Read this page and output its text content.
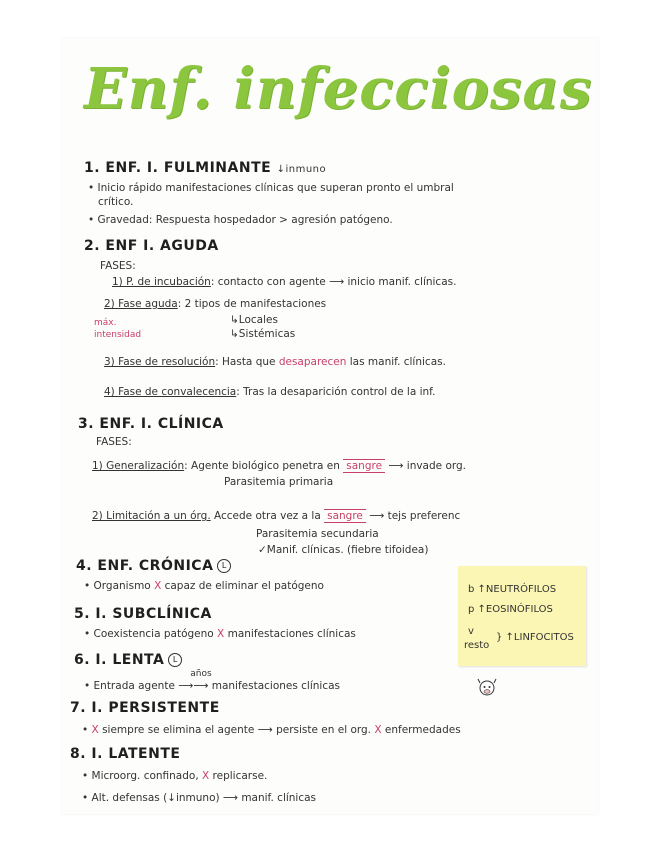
Enf. infecciosas
1. ENF. I. FULMINANTE ↓inmuno
• Inicio rápido manifestaciones clínicas que superan pronto el umbral
crítico.
• Gravedad: Respuesta hospedador > agresión patógeno.
2. ENF I. AGUDA
FASES:
1) P. de incubación: contacto con agente ⟶ inicio manif. clínicas.
2) Fase aguda: 2 tipos de manifestaciones
↳Locales
↳Sistémicas
máx.
intensidad
3) Fase de resolución: Hasta que desaparecen las manif. clínicas.
4) Fase de convalecencia: Tras la desaparición control de la inf.
3. ENF. I. CLÍNICA
FASES:
1) Generalización: Agente biológico penetra en sangre ⟶ invade org.
Parasitemia primaria
2) Limitación a un órg. Accede otra vez a la sangre ⟶ tejs preferenc
Parasitemia secundaria
✓Manif. clínicas. (fiebre tifoidea)
4. ENF. CRÓNICA L
• Organismo X capaz de eliminar el patógeno
5. I. SUBCLÍNICA
• Coexistencia patógeno X manifestaciones clínicas
6. I. LENTA L
• Entrada agente
años
⟶⟶ manifestaciones clínicas
7. I. PERSISTENTE
• X siempre se elimina el agente ⟶ persiste en el org. X enfermedades
8. I. LATENTE
• Microorg. confinado, X replicarse.
• Alt. defensas (↓inmuno) ⟶ manif. clínicas
b ↑NEUTRÓFILOS
p ↑EOSINÓFILOS
v
resto
} ↑LINFOCITOS
